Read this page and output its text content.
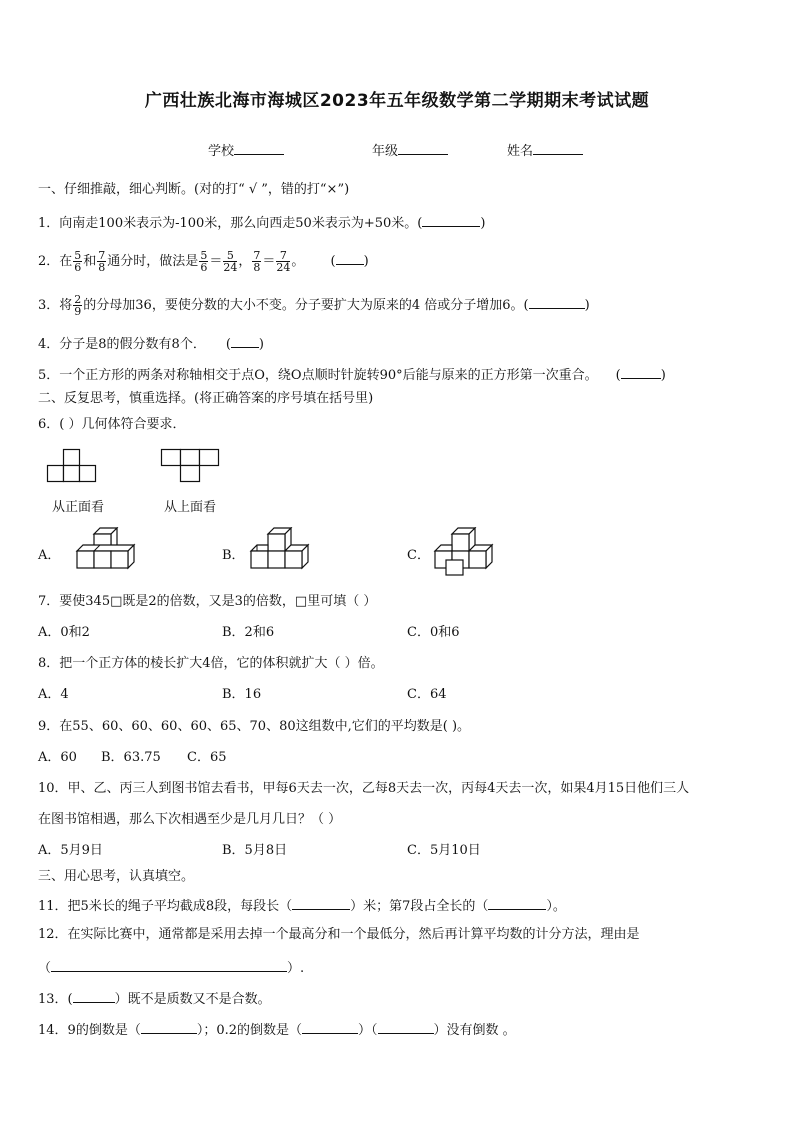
广西壮族北海市海城区2023年五年级数学第二学期期末考试试题
学校	年级	姓名
一、仔细推敲，细心判断。(对的打“ √ ”，错的打“×”)
1．向南走100米表示为-100米，那么向西走50米表示为+50米。(	)
2．在 $\frac{5}{6}$ 和 $\frac{7}{8}$ 通分时，做法是 $\frac{5}{6} = \frac{5}{24}$ ， $\frac{7}{8} = \frac{7}{24}$ 。 ( )
3．将 $\frac{2}{9}$ 的分母加36，要使分数的大小不变。分子要扩大为原来的4 倍或分子增加6。(	)
4．分子是8的假分数有8个． ( )
5．一个正方形的两条对称轴相交于点O，绕O点顺时针旋转90°后能与原来的正方形第一次重合。 (	)
二、反复思考，慎重选择。(将正确答案的序号填在括号里)
6．( ）几何体符合要求．
从正面看	从上面看
A．	B．	C．
7．要使345□既是2的倍数，又是3的倍数，□里可填（ ）
A．0和2	B．2和6	C．0和6
8．把一个正方体的棱长扩大4倍，它的体积就扩大（ ）倍。
A．4	B．16	C．64
9．在55、60、60、60、60、65、70、80这组数中,它们的平均数是( )。
A．60 B．63.75 C．65
10．甲、乙、丙三人到图书馆去看书，甲每6天去一次，乙每8天去一次，丙每4天去一次，如果4月15日他们三人
在图书馆相遇，那么下次相遇至少是几月几日？（ ）
A．5月9日	B．5月8日	C．5月10日
三、用心思考，认真填空。
11．把5米长的绳子平均截成8段，每段长（	）米；第7段占全长的（	）。
12．在实际比赛中，通常都是采用去掉一个最高分和一个最低分，然后再计算平均数的计分方法，理由是
（	）.
13．(	）既不是质数又不是合数。
14．9的倒数是（	）；0.2的倒数是（	）（	）没有倒数 。
